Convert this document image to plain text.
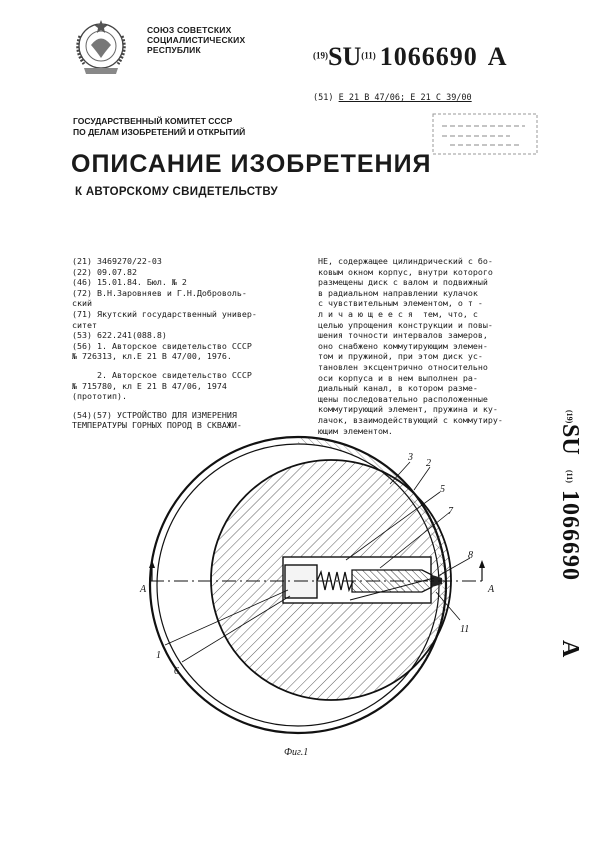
СОЮЗ СОВЕТСКИХ
СОЦИАЛИСТИЧЕСКИХ
РЕСПУБЛИК
$^{(19)}$SU$^{(11)}$ 1066690 A
(51) E 21 B 47/06; E 21 C 39/00
ГОСУДАРСТВЕННЫЙ КОМИТЕТ СССР
ПО ДЕЛАМ ИЗОБРЕТЕНИЙ И ОТКРЫТИЙ
ОПИСАНИЕ ИЗОБРЕТЕНИЯ
К АВТОРСКОМУ СВИДЕТЕЛЬСТВУ

(21) 3469270/22-03

(22) 09.07.82

(46) 15.01.84. Бюл. № 2

(72) В.Н.Заровняев и Г.Н.Доброволь-
ский

(71) Якутский государственный универ-
ситет

(53) 622.241(088.8)

(56) 1. Авторское свидетельство СССР
№ 726313, кл.E 21 B 47/00, 1976.

2. Авторское свидетельство СССР
№ 715780, кл E 21 B 47/06, 1974
(прототип).

(54)(57) УСТРОЙСТВО ДЛЯ ИЗМЕРЕНИЯ
ТЕМПЕРАТУРЫ ГОРНЫХ ПОРОД В СКВАЖИ-

НЕ, содержащее цилиндрический с бо-
ковым окном корпус, внутри которого
размещены диск с валом и подвижный
в радиальном направлении кулачок
с чувствительным элементом, о т -
л и ч а ю щ е е с я  тем, что, с
целью упрощения конструкции и повы-
шения точности интервалов замеров,
оно снабжено коммутирующим элемен-
том и пружиной, при этом диск ус-
тановлен эксцентрично относительно
оси корпуса и в нем выполнен ра-
диальный канал, в котором разме-
щены последовательно расположенные
коммутирующий элемент, пружина и ку-
лачок, взаимодействующий с коммутиру-
ющим элементом.

(19)
SU
(11)
1066690
A
3
2
5
7
8
11
1
6
A	A
Фиг.1
